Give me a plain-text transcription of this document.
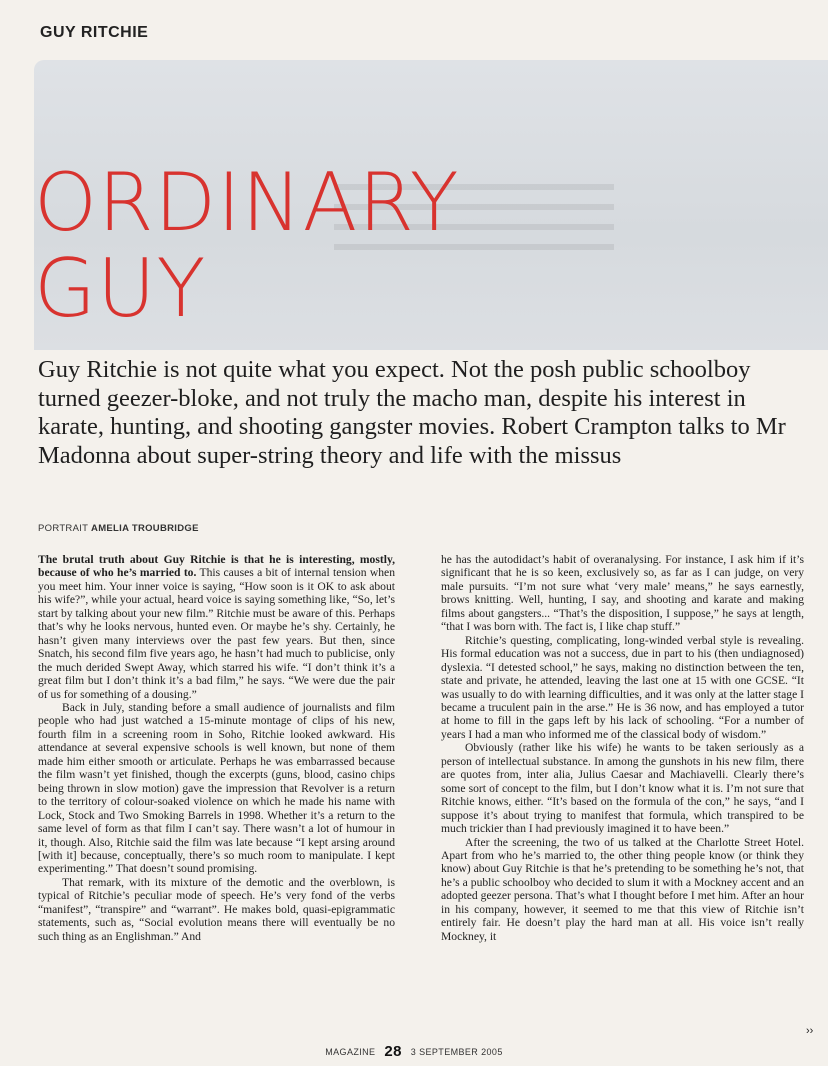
GUY RITCHIE
ORDINARY
GUY
Guy Ritchie is not quite what you expect. Not the posh public schoolboy turned geezer-bloke, and not truly the macho man, despite his interest in karate, hunting, and shooting gangster movies. Robert Crampton talks to Mr Madonna about super-string theory and life with the missus
PORTRAIT AMELIA TROUBRIDGE

The brutal truth about Guy Ritchie is that he is interesting, mostly, because of who he’s married to. This causes a bit of internal tension when you meet him. Your inner voice is saying, “How soon is it OK to ask about his wife?”, while your actual, heard voice is saying something like, “So, let’s start by talking about your new film.” Ritchie must be aware of this. Perhaps that’s why he looks nervous, hunted even. Or maybe he’s shy. Certainly, he hasn’t given many interviews over the past few years. But then, since Snatch, his second film five years ago, he hasn’t had much to publicise, only the much derided Swept Away, which starred his wife. “I don’t think it’s a great film but I don’t think it’s a bad film,” he says. “We were due the pair of us for something of a dousing.”

Back in July, standing before a small audience of journalists and film people who had just watched a 15-minute montage of clips of his new, fourth film in a screening room in Soho, Ritchie looked awkward. His attendance at several expensive schools is well known, but none of them made him either smooth or articulate. Perhaps he was embarrassed because the film wasn’t yet finished, though the excerpts (guns, blood, casino chips being thrown in slow motion) gave the impression that Revolver is a return to the territory of colour-soaked violence on which he made his name with Lock, Stock and Two Smoking Barrels in 1998. Whether it’s a return to the same level of form as that film I can’t say. There wasn’t a lot of humour in it, though. Also, Ritchie said the film was late because “I kept arsing around [with it] because, conceptually, there’s so much room to manipulate. I kept experimenting.” That doesn’t sound promising.

That remark, with its mixture of the demotic and the overblown, is typical of Ritchie’s peculiar mode of speech. He’s very fond of the verbs “manifest”, “transpire” and “warrant”. He makes bold, quasi-epigrammatic statements, such as, “Social evolution means there will eventually be no such thing as an Englishman.” And

he has the autodidact’s habit of overanalysing. For instance, I ask him if it’s significant that he is so keen, exclusively so, as far as I can judge, on very male pursuits. “I’m not sure what ‘very male’ means,” he says earnestly, brows knitting. Well, hunting, I say, and shooting and karate and making films about gangsters... “That’s the disposition, I suppose,” he says at length, “that I was born with. The fact is, I like chap stuff.”

Ritchie’s questing, complicating, long-winded verbal style is revealing. His formal education was not a success, due in part to his (then undiagnosed) dyslexia. “I detested school,” he says, making no distinction between the ten, state and private, he attended, leaving the last one at 15 with one GCSE. “It was usually to do with learning difficulties, and it was only at the latter stage I became a truculent pain in the arse.” He is 36 now, and has employed a tutor at home to fill in the gaps left by his lack of schooling. “For a number of years I had a man who informed me of the classical body of wisdom.”

Obviously (rather like his wife) he wants to be taken seriously as a person of intellectual substance. In among the gunshots in his new film, there are quotes from, inter alia, Julius Caesar and Machiavelli. Clearly there’s some sort of concept to the film, but I don’t know what it is. I’m not sure that Ritchie knows, either. “It’s based on the formula of the con,” he says, “and I suppose it’s about trying to manifest that formula, which transpired to be much trickier than I had previously imagined it to have been.”

After the screening, the two of us talked at the Charlotte Street Hotel. Apart from who he’s married to, the other thing people know (or think they know) about Guy Ritchie is that he’s pretending to be something he’s not, that he’s a public schoolboy who decided to slum it with a Mockney accent and an adopted geezer persona. That’s what I thought before I met him. After an hour in his company, however, it seemed to me that this view of Ritchie isn’t entirely fair. He doesn’t play the hard man at all. His voice isn’t really Mockney, it

››
MAGAZINE 28 3 SEPTEMBER 2005
